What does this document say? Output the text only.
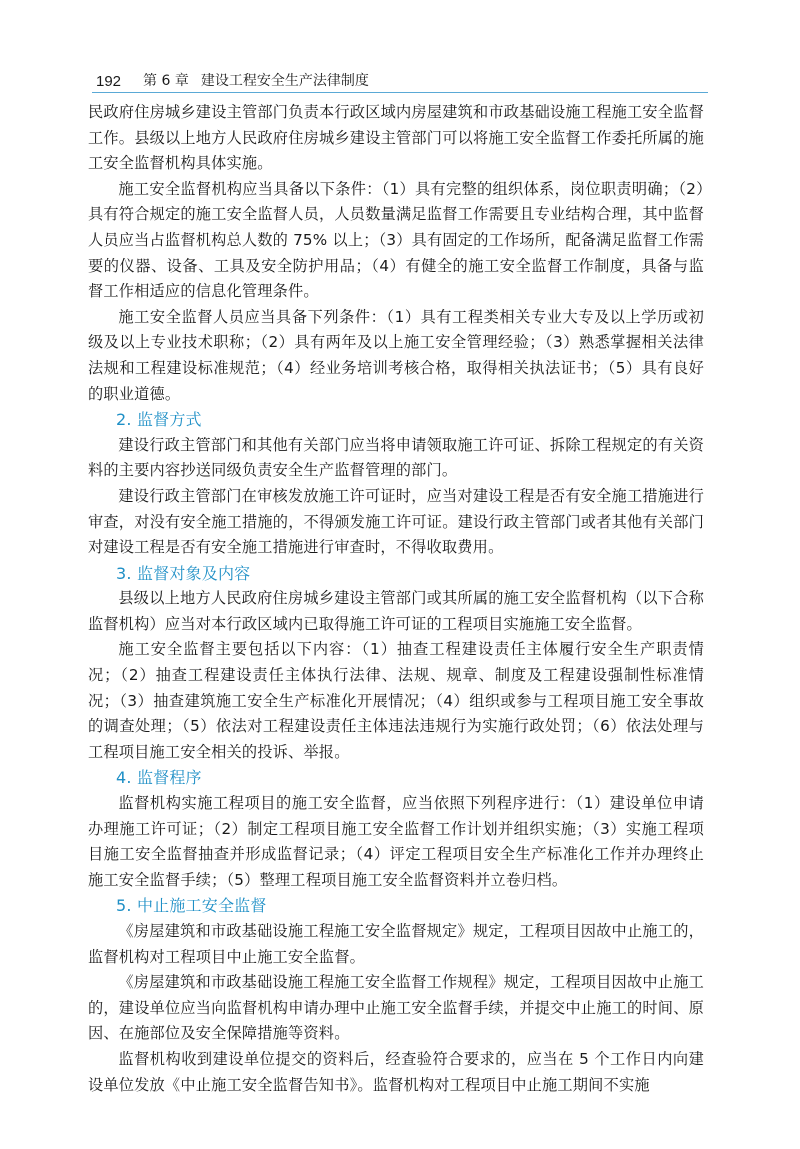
192 第 6 章 建设工程安全生产法律制度

民政府住房城乡建设主管部门负责本行政区域内房屋建筑和市政基础设施工程施工安全监督工作。县级以上地方人民政府住房城乡建设主管部门可以将施工安全监督工作委托所属的施工安全监督机构具体实施。

施工安全监督机构应当具备以下条件：（1）具有完整的组织体系，岗位职责明确；（2）具有符合规定的施工安全监督人员，人员数量满足监督工作需要且专业结构合理，其中监督人员应当占监督机构总人数的 75% 以上；（3）具有固定的工作场所，配备满足监督工作需要的仪器、设备、工具及安全防护用品；（4）有健全的施工安全监督工作制度，具备与监督工作相适应的信息化管理条件。

施工安全监督人员应当具备下列条件：（1）具有工程类相关专业大专及以上学历或初级及以上专业技术职称；（2）具有两年及以上施工安全管理经验；（3）熟悉掌握相关法律法规和工程建设标准规范；（4）经业务培训考核合格，取得相关执法证书；（5）具有良好的职业道德。

2. 监督方式

建设行政主管部门和其他有关部门应当将申请领取施工许可证、拆除工程规定的有关资料的主要内容抄送同级负责安全生产监督管理的部门。

建设行政主管部门在审核发放施工许可证时，应当对建设工程是否有安全施工措施进行审查，对没有安全施工措施的，不得颁发施工许可证。建设行政主管部门或者其他有关部门对建设工程是否有安全施工措施进行审查时，不得收取费用。

3. 监督对象及内容

县级以上地方人民政府住房城乡建设主管部门或其所属的施工安全监督机构（以下合称监督机构）应当对本行政区域内已取得施工许可证的工程项目实施施工安全监督。

施工安全监督主要包括以下内容：（1）抽查工程建设责任主体履行安全生产职责情况；（2）抽查工程建设责任主体执行法律、法规、规章、制度及工程建设强制性标准情况；（3）抽查建筑施工安全生产标准化开展情况；（4）组织或参与工程项目施工安全事故的调查处理；（5）依法对工程建设责任主体违法违规行为实施行政处罚；（6）依法处理与工程项目施工安全相关的投诉、举报。

4. 监督程序

监督机构实施工程项目的施工安全监督，应当依照下列程序进行：（1）建设单位申请办理施工许可证；（2）制定工程项目施工安全监督工作计划并组织实施；（3）实施工程项目施工安全监督抽查并形成监督记录；（4）评定工程项目安全生产标准化工作并办理终止施工安全监督手续；（5）整理工程项目施工安全监督资料并立卷归档。

5. 中止施工安全监督

《房屋建筑和市政基础设施工程施工安全监督规定》规定，工程项目因故中止施工的，监督机构对工程项目中止施工安全监督。

《房屋建筑和市政基础设施工程施工安全监督工作规程》规定，工程项目因故中止施工的，建设单位应当向监督机构申请办理中止施工安全监督手续，并提交中止施工的时间、原因、在施部位及安全保障措施等资料。

监督机构收到建设单位提交的资料后，经查验符合要求的，应当在 5 个工作日内向建设单位发放《中止施工安全监督告知书》。监督机构对工程项目中止施工期间不实施
